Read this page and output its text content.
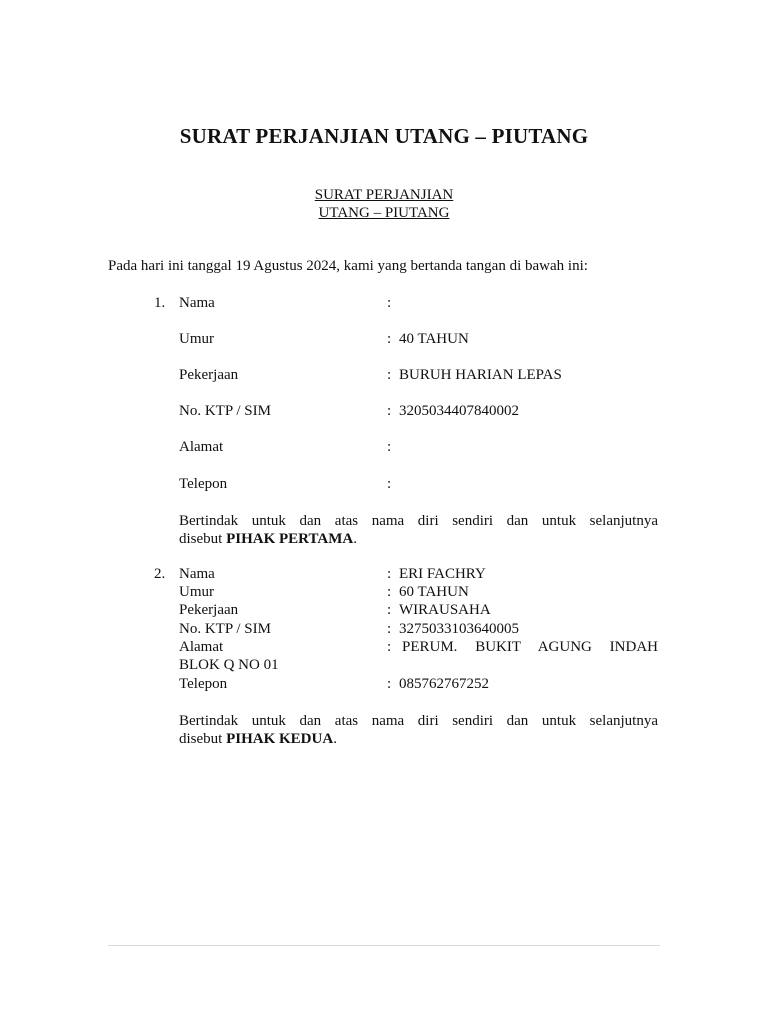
SURAT PERJANJIAN UTANG – PIUTANG
SURAT PERJANJIAN
UTANG – PIUTANG
Pada hari ini tanggal 19 Agustus 2024, kami yang bertanda tangan di bawah ini:
1. Nama	:
Umur	: 40 TAHUN
Pekerjaan	: BURUH HARIAN LEPAS
No. KTP / SIM	: 3205034407840002
Alamat	:
Telepon	:
Bertindak untuk dan atas nama diri sendiri dan untuk selanjutnya
disebut PIHAK PERTAMA.
2. Nama	: ERI FACHRY
Umur	: 60 TAHUN
Pekerjaan	: WIRAUSAHA
No. KTP / SIM	: 3275033103640005
Alamat	: PERUM. BUKIT AGUNG INDAH
BLOK Q NO 01
Telepon	: 085762767252
Bertindak untuk dan atas nama diri sendiri dan untuk selanjutnya
disebut PIHAK KEDUA.
